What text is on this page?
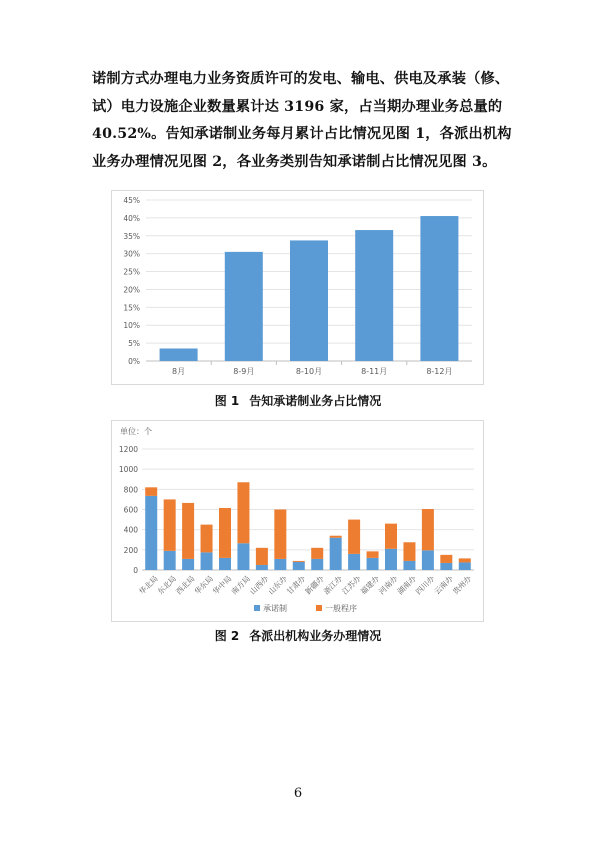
诺制方式办理电力业务资质许可的发电、输电、供电及承装（修、
试）电力设施企业数量累计达 3196 家，占当期办理业务总量的
40.52%。告知承诺制业务每月累计占比情况见图 1，各派出机构
业务办理情况见图 2，各业务类别告知承诺制占比情况见图 3。
0%
5%
10%
15%
20%
25%
30%
35%
40%
45%
8月	8-9月	8-10月	8-11月	8-12月
图 1 告知承诺制业务占比情况
单位：个
0
200
400
600
800
1000
1200
华北局
东北局
西北局
华东局
华中局
南方局
山西办
山东办
甘肃办
新疆办
浙江办
江苏办
福建办
河南办
湖南办
四川办
云南办
贵州办
承诺制	一般程序
图 2 各派出机构业务办理情况
6
